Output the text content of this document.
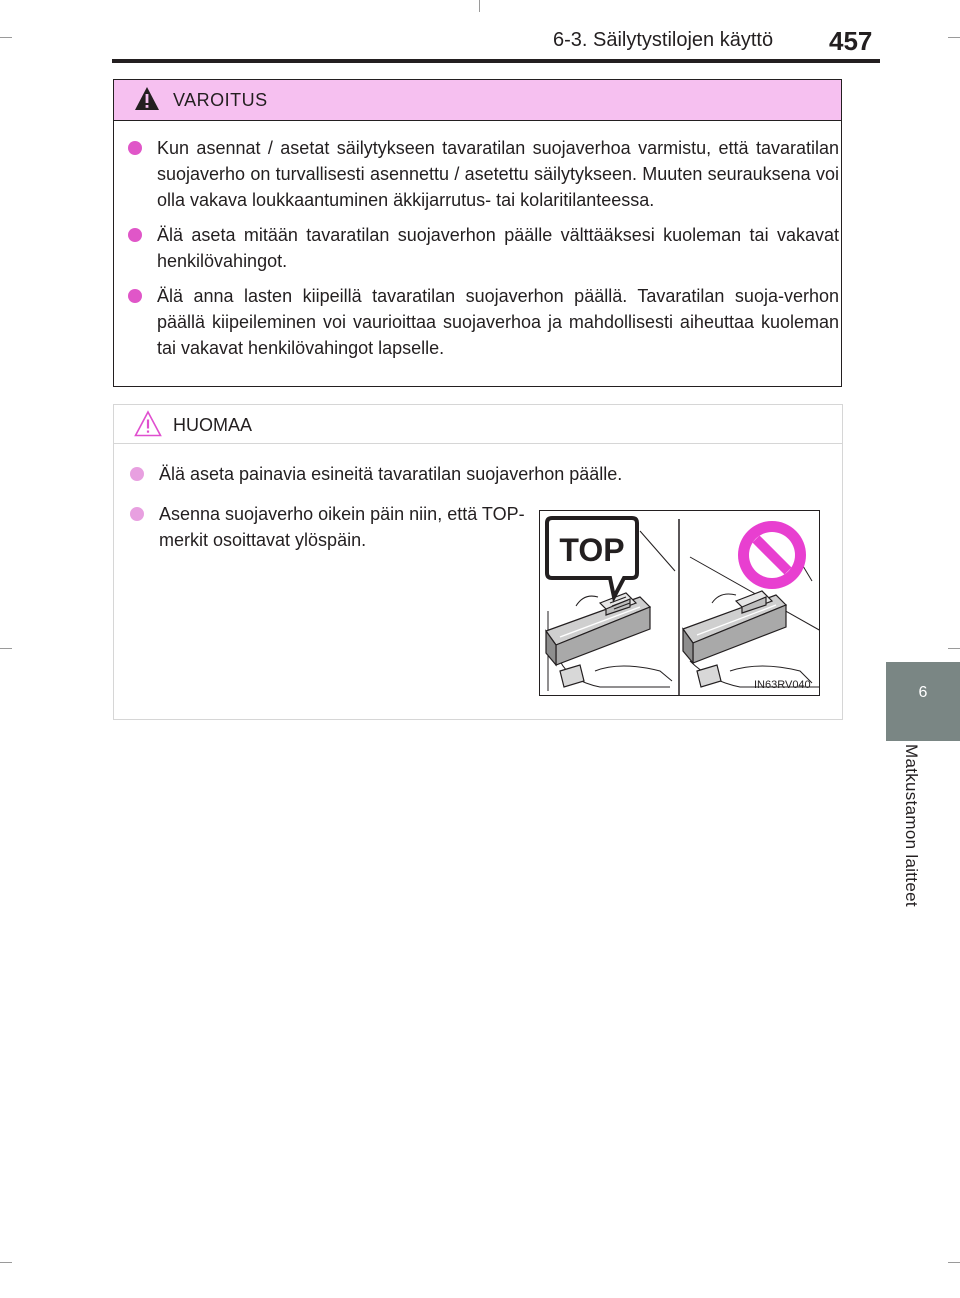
6-3. Säilytystilojen käyttö 457
6
Matkustamon laitteet
VAROITUS
Kun asennat / asetat säilytykseen tavaratilan suojaverhoa varmistu, että tavaratilan suojaverho on turvallisesti asennettu / asetettu säilytykseen. Muuten seurauksena voi olla vakava loukkaantuminen äkkijarrutus- tai kolaritilanteessa.
Älä aseta mitään tavaratilan suojaverhon päälle välttääksesi kuoleman tai vakavat henkilövahingot.
Älä anna lasten kiipeillä tavaratilan suojaverhon päällä. Tavaratilan suoja-verhon päällä kiipeileminen voi vaurioittaa suojaverhoa ja mahdollisesti aiheuttaa kuoleman tai vakavat henkilövahingot lapselle.
HUOMAA
Älä aseta painavia esineitä tavaratilan suojaverhon päälle.
Asenna suojaverho oikein päin niin, että TOP-merkit osoittavat ylöspäin.	TOP
IN63RV040
